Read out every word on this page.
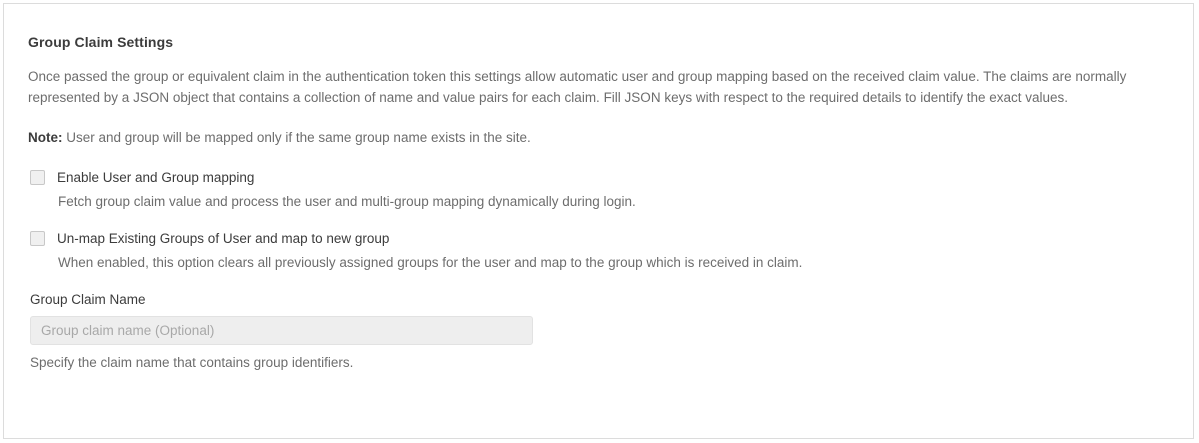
Group Claim Settings

Once passed the group or equivalent claim in the authentication token this settings allow automatic user and group mapping based on the received claim value. The claims are normally represented by a JSON object that contains a collection of name and value pairs for each claim. Fill JSON keys with respect to the required details to identify the exact values.

Note: User and group will be mapped only if the same group name exists in the site.

Enable User and Group mapping
Fetch group claim value and process the user and multi-group mapping dynamically during login.
Un-map Existing Groups of User and map to new group
When enabled, this option clears all previously assigned groups for the user and map to the group which is received in claim.
Group Claim Name
Group claim name (Optional)
Specify the claim name that contains group identifiers.
